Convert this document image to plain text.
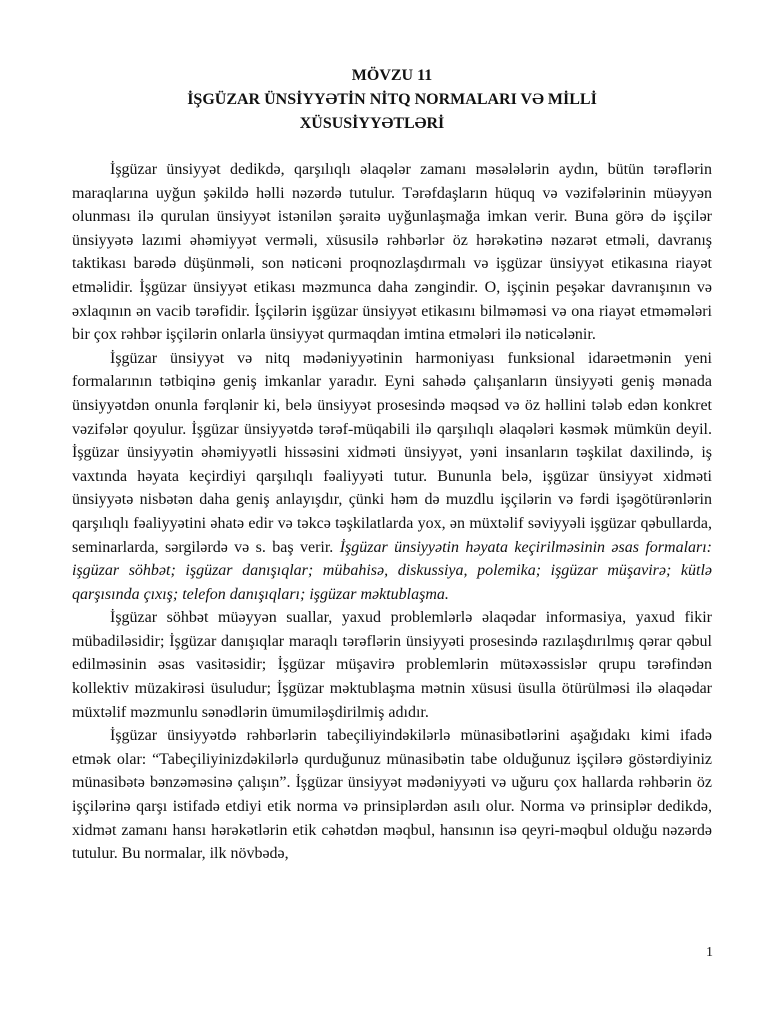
MÖVZU 11
İŞGÜZAR ÜNSİYYƏTİN NİTQ NORMALARI VƏ MİLLİ
XÜSUSİYYƏTLƏRİ

İşgüzar ünsiyyət dedikdə, qarşılıqlı əlaqələr zamanı məsələlərin aydın, bütün tərəflərin maraqlarına uyğun şəkildə həlli nəzərdə tutulur. Tərəfdaşların hüquq və vəzifələrinin müəyyən olunması ilə qurulan ünsiyyət istənilən şəraitə uyğunlaşmağa imkan verir. Buna görə də işçilər ünsiyyətə lazımi əhəmiyyət verməli, xüsusilə rəhbərlər öz hərəkətinə nəzarət etməli, davranış taktikası barədə düşünməli, son nəticəni proqnozlaşdırmalı və işgüzar ünsiyyət etikasına riayət etməlidir. İşgüzar ünsiyyət etikası məzmunca daha zəngindir. O, işçinin peşəkar davranışının və əxlaqının ən vacib tərəfidir. İşçilərin işgüzar ünsiyyət etikasını bilməməsi və ona riayət etməmələri bir çox rəhbər işçilərin onlarla ünsiyyət qurmaqdan imtina etmələri ilə nəticələnir.

İşgüzar ünsiyyət və nitq mədəniyyətinin harmoniyası funksional idarəetmənin yeni formalarının tətbiqinə geniş imkanlar yaradır. Eyni sahədə çalışanların ünsiyyəti geniş mənada ünsiyyətdən onunla fərqlənir ki, belə ünsiyyət prosesində məqsəd və öz həllini tələb edən konkret vəzifələr qoyulur. İşgüzar ünsiyyətdə tərəf-müqabili ilə qarşılıqlı əlaqələri kəsmək mümkün deyil. İşgüzar ünsiyyətin əhəmiyyətli hissəsini xidməti ünsiyyət, yəni insanların təşkilat daxilində, iş vaxtında həyata keçirdiyi qarşılıqlı fəaliyyəti tutur. Bununla belə, işgüzar ünsiyyət xidməti ünsiyyətə nisbətən daha geniş anlayışdır, çünki həm də muzdlu işçilərin və fərdi işəgötürənlərin qarşılıqlı fəaliyyətini əhatə edir və təkcə təşkilatlarda yox, ən müxtəlif səviyyəli işgüzar qəbullarda, seminarlarda, sərgilərdə və s. baş verir. İşgüzar ünsiyyətin həyata keçirilməsinin əsas formaları: işgüzar söhbət; işgüzar danışıqlar; mübahisə, diskussiya, polemika; işgüzar müşavirə; kütlə qarşısında çıxış; telefon danışıqları; işgüzar məktublaşma.

İşgüzar söhbət müəyyən suallar, yaxud problemlərlə əlaqədar informasiya, yaxud fikir mübadiləsidir; İşgüzar danışıqlar maraqlı tərəflərin ünsiyyəti prosesində razılaşdırılmış qərar qəbul edilməsinin əsas vasitəsidir; İşgüzar müşavirə problemlərin mütəxəssislər qrupu tərəfindən kollektiv müzakirəsi üsuludur; İşgüzar məktublaşma mətnin xüsusi üsulla ötürülməsi ilə əlaqədar müxtəlif məzmunlu sənədlərin ümumiləşdirilmiş adıdır.

İşgüzar ünsiyyətdə rəhbərlərin tabeçiliyindəkilərlə münasibətlərini aşağıdakı kimi ifadə etmək olar: “Tabeçiliyinizdəkilərlə qurduğunuz münasibətin tabe olduğunuz işçilərə göstərdiyiniz münasibətə bənzəməsinə çalışın”. İşgüzar ünsiyyət mədəniyyəti və uğuru çox hallarda rəhbərin öz işçilərinə qarşı istifadə etdiyi etik norma və prinsiplərdən asılı olur. Norma və prinsiplər dedikdə, xidmət zamanı hansı hərəkətlərin etik cəhətdən məqbul, hansının isə qeyri-məqbul olduğu nəzərdə tutulur. Bu normalar, ilk növbədə,

1
